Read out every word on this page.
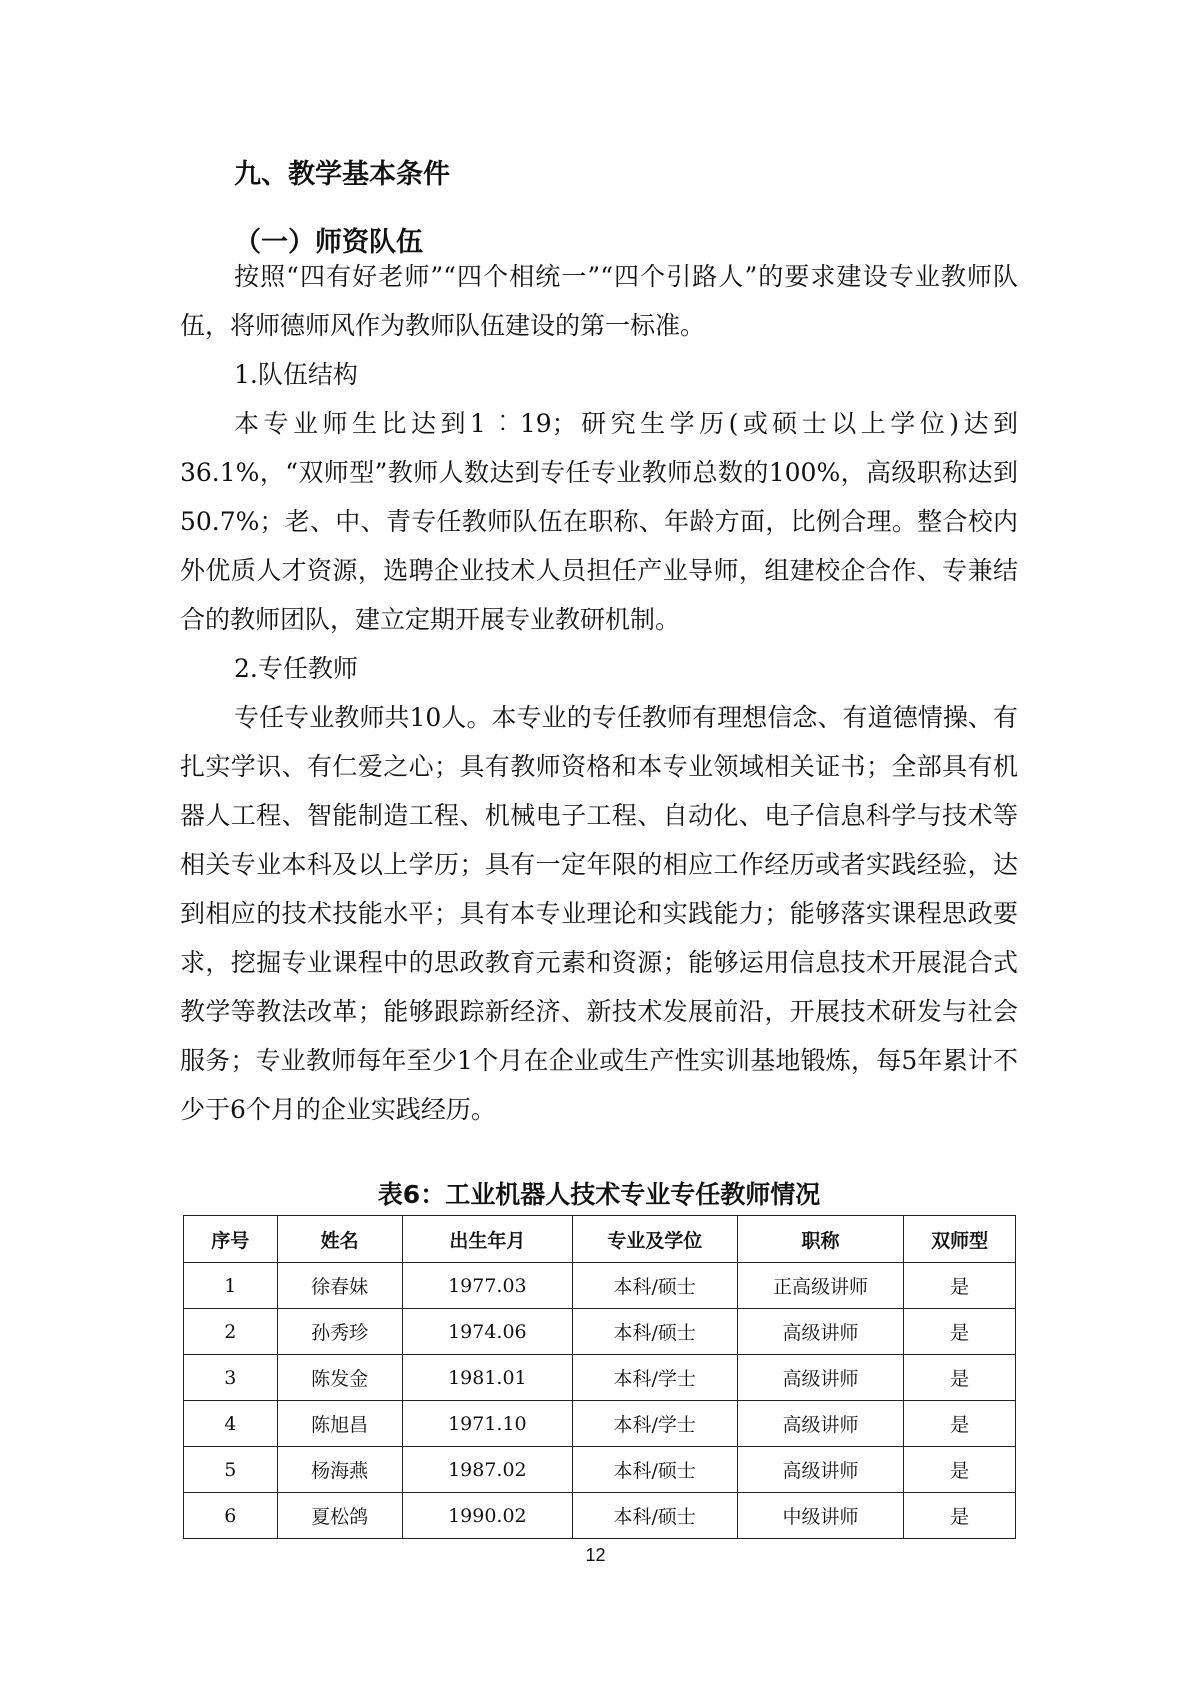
九、教学基本条件
（一）师资队伍

按照“四有好老师”“四个相统一”“四个引路人”的要求建设专业教师队伍，将师德师风作为教师队伍建设的第一标准。

1.队伍结构

本专业师生比达到1︰19；研究生学历(或硕士以上学位)达到36.1%，“双师型”教师人数达到专任专业教师总数的100%，高级职称达到50.7%；老、中、青专任教师队伍在职称、年龄方面，比例合理。整合校内外优质人才资源，选聘企业技术人员担任产业导师，组建校企合作、专兼结合的教师团队，建立定期开展专业教研机制。

2.专任教师

专任专业教师共10人。本专业的专任教师有理想信念、有道德情操、有扎实学识、有仁爱之心；具有教师资格和本专业领域相关证书；全部具有机器人工程、智能制造工程、机械电子工程、自动化、电子信息科学与技术等相关专业本科及以上学历；具有一定年限的相应工作经历或者实践经验，达到相应的技术技能水平；具有本专业理论和实践能力；能够落实课程思政要求，挖掘专业课程中的思政教育元素和资源；能够运用信息技术开展混合式教学等教法改革；能够跟踪新经济、新技术发展前沿，开展技术研发与社会服务；专业教师每年至少1个月在企业或生产性实训基地锻炼，每5年累计不少于6个月的企业实践经历。

表6：工业机器人技术专业专任教师情况
序号	姓名	出生年月	专业及学位	职称	双师型
1	徐春妹	1977.03	本科/硕士	正高级讲师	是
2	孙秀珍	1974.06	本科/硕士	高级讲师	是
3	陈发金	1981.01	本科/学士	高级讲师	是
4	陈旭昌	1971.10	本科/学士	高级讲师	是
5	杨海燕	1987.02	本科/硕士	高级讲师	是
6	夏松鸽	1990.02	本科/硕士	中级讲师	是
12
